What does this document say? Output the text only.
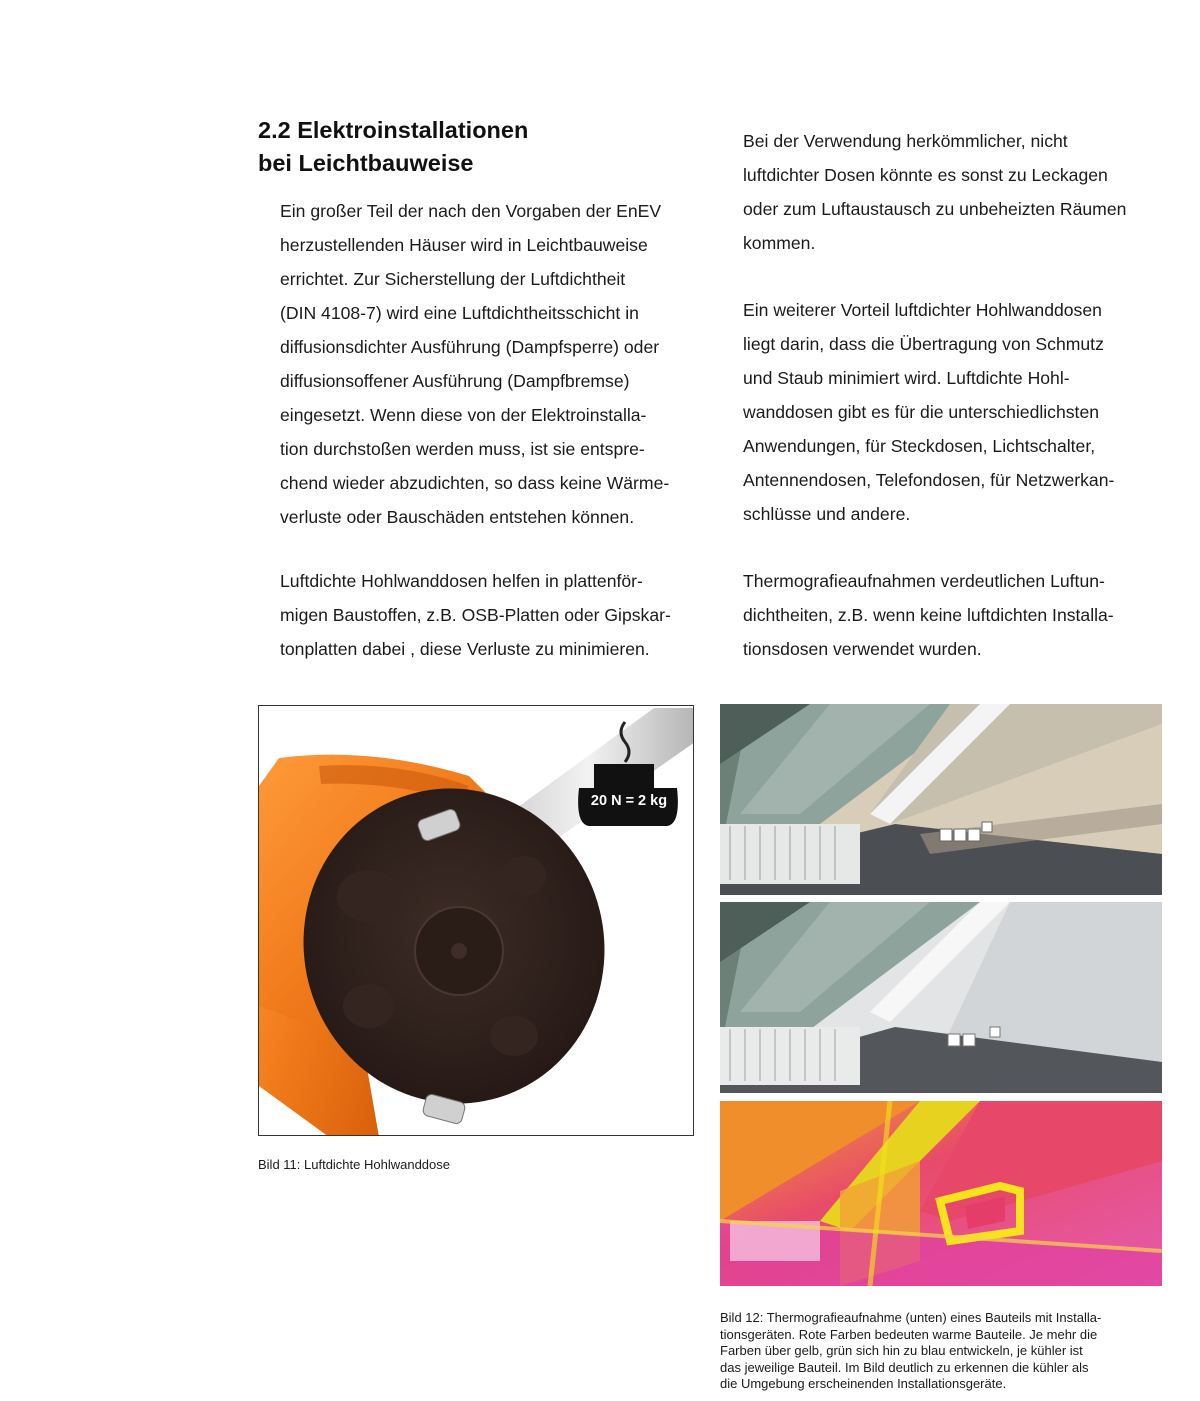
2.2 Elektroinstallationen
bei Leichtbauweise
Ein großer Teil der nach den Vorgaben der EnEV
herzustellenden Häuser wird in Leichtbauweise
errichtet. Zur Sicherstellung der Luftdichtheit
(DIN 4108-7) wird eine Luftdichtheitsschicht in
diffusionsdichter Ausführung (Dampfsperre) oder
diffusionsoffener Ausführung (Dampfbremse)
eingesetzt. Wenn diese von der Elektroinstalla-
tion durchstoßen werden muss, ist sie entspre-
chend wieder abzudichten, so dass keine Wärme-
verluste oder Bauschäden entstehen können.
Luftdichte Hohlwanddosen helfen in plattenför-
migen Baustoffen, z.B. OSB-Platten oder Gipskar-
tonplatten dabei , diese Verluste zu minimieren.
Bei der Verwendung herkömmlicher, nicht
luftdichter Dosen könnte es sonst zu Leckagen
oder zum Luftaustausch zu unbeheizten Räumen
kommen.
Ein weiterer Vorteil luftdichter Hohlwanddosen
liegt darin, dass die Übertragung von Schmutz
und Staub minimiert wird. Luftdichte Hohl-
wanddosen gibt es für die unterschiedlichsten
Anwendungen, für Steckdosen, Lichtschalter,
Antennendosen, Telefondosen, für Netzwerkan-
schlüsse und andere.
Thermografieaufnahmen verdeutlichen Luftun-
dichtheiten, z.B. wenn keine luftdichten Installa-
tionsdosen verwendet wurden.
20 N = 2 kg
Bild 11: Luftdichte Hohlwanddose
Bild 12: Thermografieaufnahme (unten) eines Bauteils mit Installa-
tionsgeräten. Rote Farben bedeuten warme Bauteile. Je mehr die
Farben über gelb, grün sich hin zu blau entwickeln, je kühler ist
das jeweilige Bauteil. Im Bild deutlich zu erkennen die kühler als
die Umgebung erscheinenden Installationsgeräte.
